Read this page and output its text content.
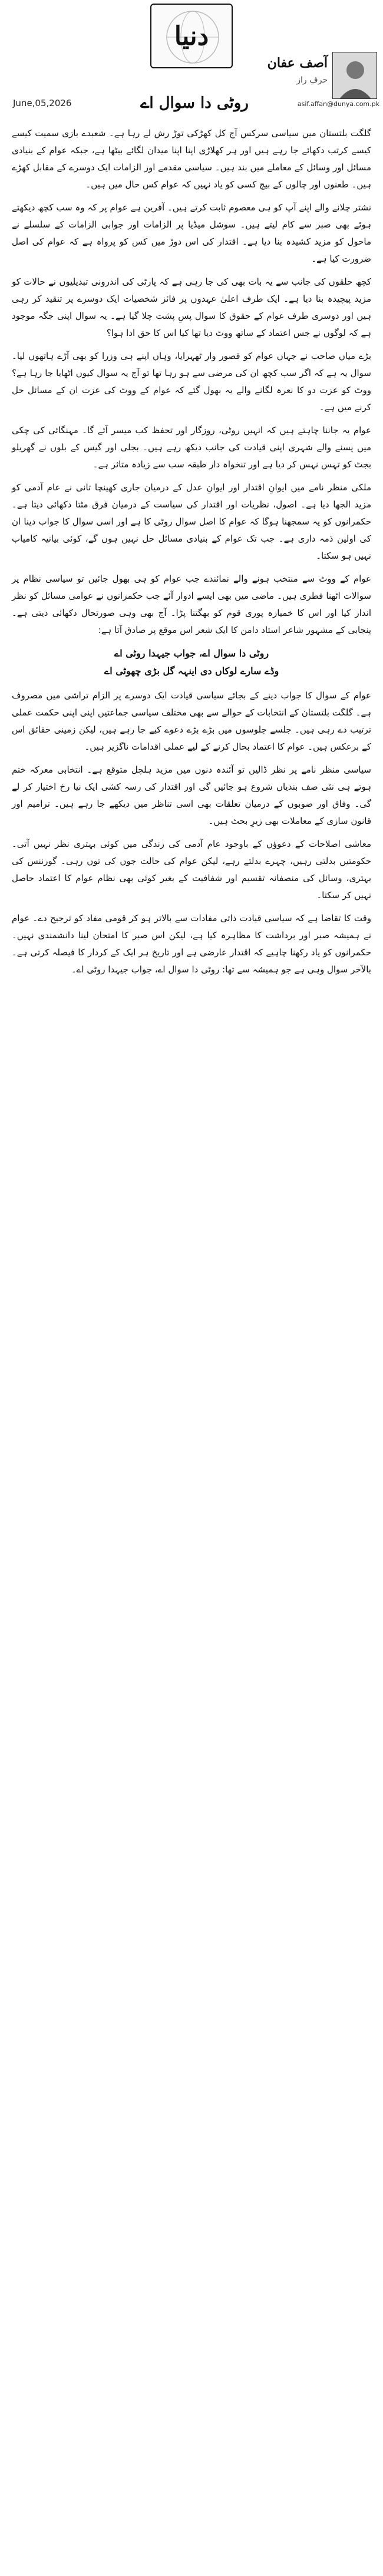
دنیا
آصف عفان
حرفِ راز
asif.affan@dunya.com.pk
روٹی دا سوال اے
June,05,2026

گلگت بلتستان میں سیاسی سرکس آج کل کھڑکی توڑ رش لے رہا ہے۔ شعبدے بازی سمیت کیسے کیسے کرتب دکھائے جا رہے ہیں اور ہر کھلاڑی اپنا اپنا میدان لگائے بیٹھا ہے، جبکہ عوام کے بنیادی مسائل اور وسائل کے معاملے میں بند ہیں۔ سیاسی مقدمے اور الزامات ایک دوسرے کے مقابل کھڑے ہیں۔ طعنوں اور چالوں کے بیچ کسی کو یاد نہیں کہ عوام کس حال میں ہیں۔

نشتر چلانے والے اپنے آپ کو ہی معصوم ثابت کرتے ہیں۔ آفرین ہے عوام پر کہ وہ سب کچھ دیکھتے ہوئے بھی صبر سے کام لیتے ہیں۔ سوشل میڈیا پر الزامات اور جوابی الزامات کے سلسلے نے ماحول کو مزید کشیدہ بنا دیا ہے۔ اقتدار کی اس دوڑ میں کس کو پرواہ ہے کہ عوام کی اصل ضرورت کیا ہے۔

کچھ حلقوں کی جانب سے یہ بات بھی کی جا رہی ہے کہ پارٹی کی اندرونی تبدیلیوں نے حالات کو مزید پیچیدہ بنا دیا ہے۔ ایک طرف اعلیٰ عہدوں پر فائز شخصیات ایک دوسرے پر تنقید کر رہی ہیں اور دوسری طرف عوام کے حقوق کا سوال پسِ پشت چلا گیا ہے۔ یہ سوال اپنی جگہ موجود ہے کہ لوگوں نے جس اعتماد کے ساتھ ووٹ دیا تھا کیا اس کا حق ادا ہوا؟

بڑے میاں صاحب نے جہاں عوام کو قصور وار ٹھہرایا، وہاں اپنے ہی وزرا کو بھی آڑے ہاتھوں لیا۔ سوال یہ ہے کہ اگر سب کچھ ان کی مرضی سے ہو رہا تھا تو آج یہ سوال کیوں اٹھایا جا رہا ہے؟ ووٹ کو عزت دو کا نعرہ لگانے والے یہ بھول گئے کہ عوام کے ووٹ کی عزت ان کے مسائل حل کرنے میں ہے۔

عوام یہ جاننا چاہتے ہیں کہ انہیں روٹی، روزگار اور تحفظ کب میسر آئے گا۔ مہنگائی کی چکی میں پسنے والے شہری اپنی قیادت کی جانب دیکھ رہے ہیں۔ بجلی اور گیس کے بلوں نے گھریلو بجٹ کو تہس نہس کر دیا ہے اور تنخواہ دار طبقہ سب سے زیادہ متاثر ہے۔

ملکی منظر نامے میں ایوانِ اقتدار اور ایوانِ عدل کے درمیان جاری کھینچا تانی نے عام آدمی کو مزید الجھا دیا ہے۔ اصول، نظریات اور اقتدار کی سیاست کے درمیان فرق مٹتا دکھائی دیتا ہے۔ حکمرانوں کو یہ سمجھنا ہوگا کہ عوام کا اصل سوال روٹی کا ہے اور اسی سوال کا جواب دینا ان کی اولین ذمہ داری ہے۔ جب تک عوام کے بنیادی مسائل حل نہیں ہوں گے، کوئی بیانیہ کامیاب نہیں ہو سکتا۔

عوام کے ووٹ سے منتخب ہونے والے نمائندے جب عوام کو ہی بھول جائیں تو سیاسی نظام پر سوالات اٹھنا فطری ہیں۔ ماضی میں بھی ایسے ادوار آئے جب حکمرانوں نے عوامی مسائل کو نظر انداز کیا اور اس کا خمیازہ پوری قوم کو بھگتنا پڑا۔ آج بھی وہی صورتحال دکھائی دیتی ہے۔ پنجابی کے مشہور شاعر استاد دامن کا ایک شعر اس موقع پر صادق آتا ہے:

روٹی دا سوال اے، جواب جیہدا روٹی اے
وڈے سارے لوکاں دی اینہہ گل بڑی چھوٹی اے

عوام کے سوال کا جواب دینے کے بجائے سیاسی قیادت ایک دوسرے پر الزام تراشی میں مصروف ہے۔ گلگت بلتستان کے انتخابات کے حوالے سے بھی مختلف سیاسی جماعتیں اپنی اپنی حکمت عملی ترتیب دے رہی ہیں۔ جلسے جلوسوں میں بڑے بڑے دعوے کیے جا رہے ہیں، لیکن زمینی حقائق اس کے برعکس ہیں۔ عوام کا اعتماد بحال کرنے کے لیے عملی اقدامات ناگزیر ہیں۔

سیاسی منظر نامے پر نظر ڈالیں تو آئندہ دنوں میں مزید ہلچل متوقع ہے۔ انتخابی معرکہ ختم ہوتے ہی نئی صف بندیاں شروع ہو جائیں گی اور اقتدار کی رسہ کشی ایک نیا رخ اختیار کر لے گی۔ وفاق اور صوبوں کے درمیان تعلقات بھی اسی تناظر میں دیکھے جا رہے ہیں۔ ترامیم اور قانون سازی کے معاملات بھی زیرِ بحث ہیں۔

معاشی اصلاحات کے دعوؤں کے باوجود عام آدمی کی زندگی میں کوئی بہتری نظر نہیں آتی۔ حکومتیں بدلتی رہیں، چہرے بدلتے رہے، لیکن عوام کی حالت جوں کی توں رہی۔ گورننس کی بہتری، وسائل کی منصفانہ تقسیم اور شفافیت کے بغیر کوئی بھی نظام عوام کا اعتماد حاصل نہیں کر سکتا۔

وقت کا تقاضا ہے کہ سیاسی قیادت ذاتی مفادات سے بالاتر ہو کر قومی مفاد کو ترجیح دے۔ عوام نے ہمیشہ صبر اور برداشت کا مظاہرہ کیا ہے، لیکن اس صبر کا امتحان لینا دانشمندی نہیں۔ حکمرانوں کو یاد رکھنا چاہیے کہ اقتدار عارضی ہے اور تاریخ ہر ایک کے کردار کا فیصلہ کرتی ہے۔ بالآخر سوال وہی ہے جو ہمیشہ سے تھا: روٹی دا سوال اے، جواب جیہدا روٹی اے۔
